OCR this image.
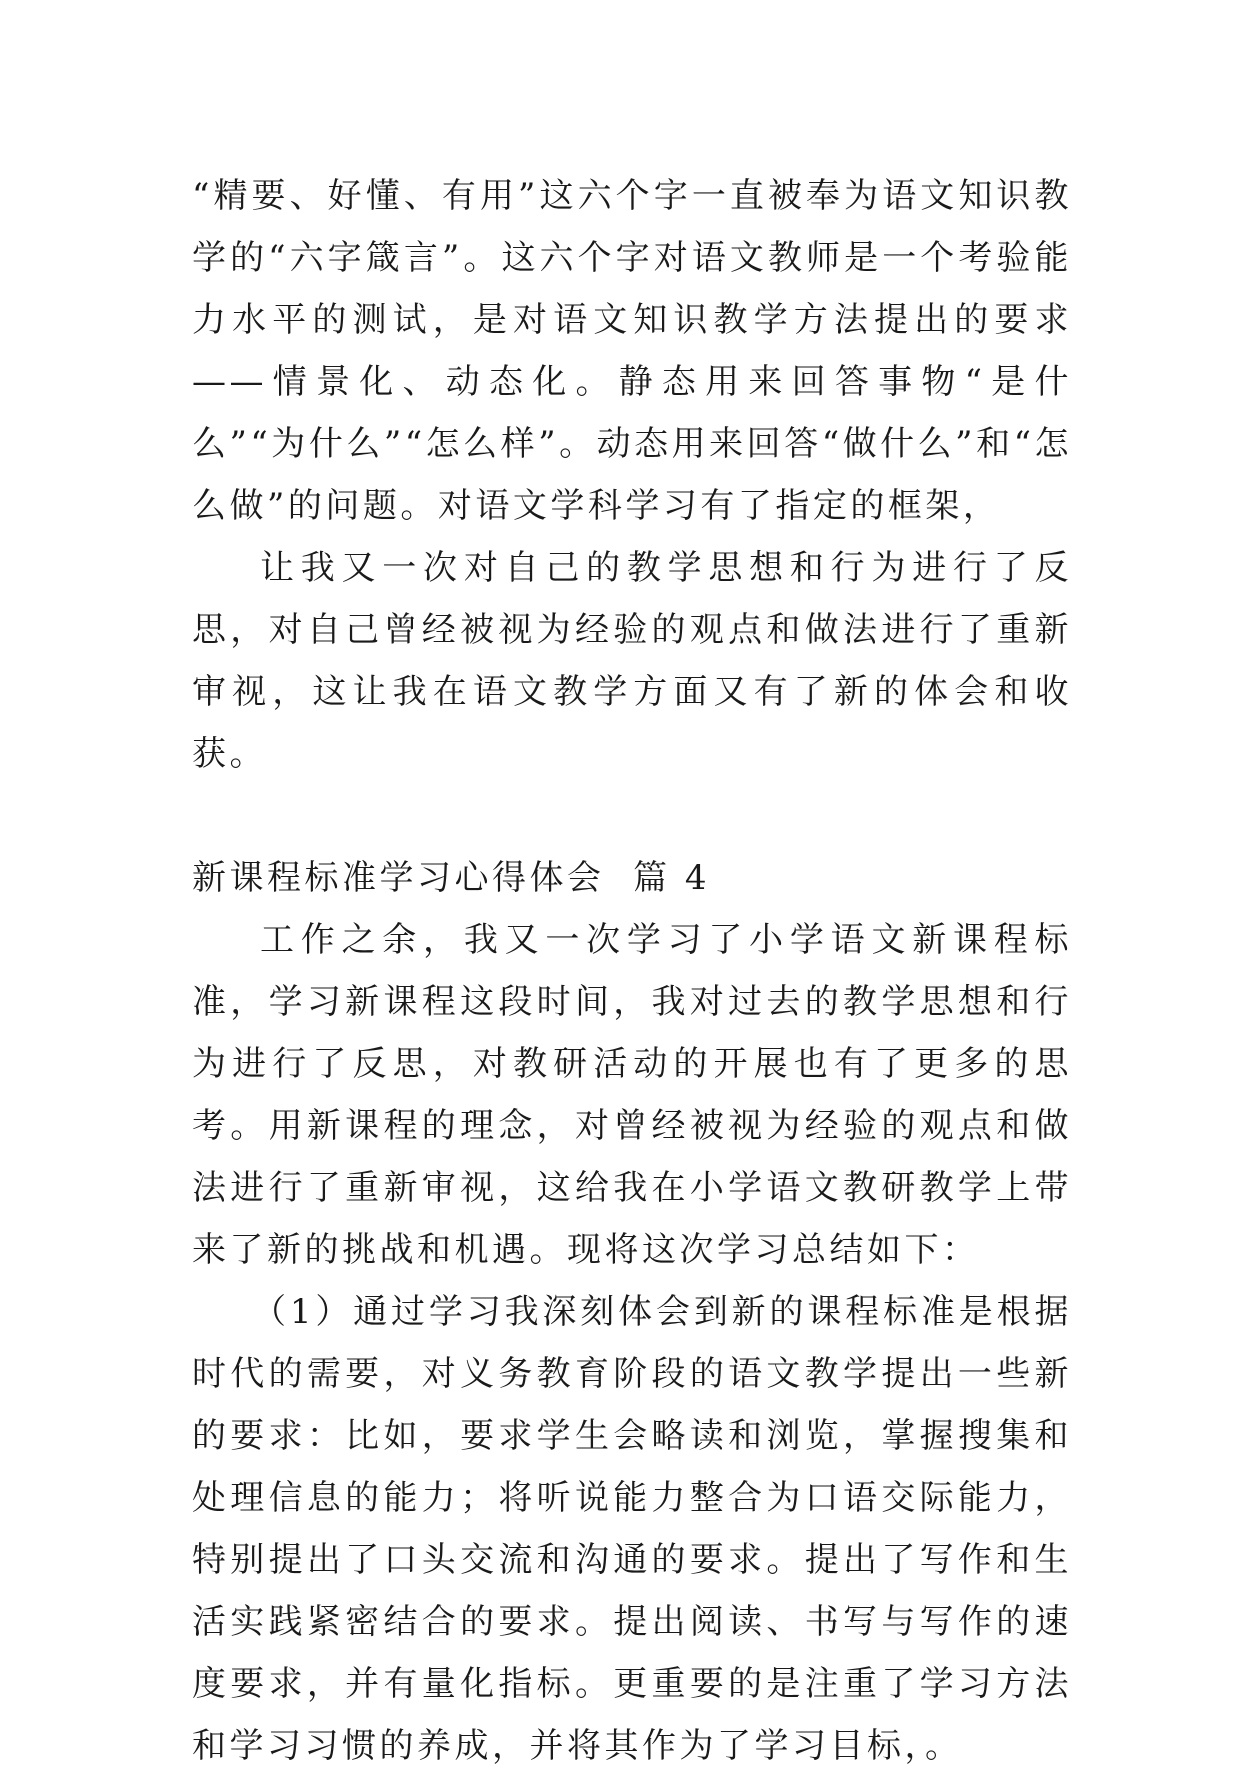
“精要、好懂、有用”这六个字一直被奉为语文知识教学的“六字箴言”。这六个字对语文教师是一个考验能力水平的测试，是对语文知识教学方法提出的要求——情景化、动态化。静态用来回答事物“是什么”“为什么”“怎么样”。动态用来回答“做什么”和“怎么做”的问题。对语文学科学习有了指定的框架，

让我又一次对自己的教学思想和行为进行了反思，对自己曾经被视为经验的观点和做法进行了重新审视，这让我在语文教学方面又有了新的体会和收获。

新课程标准学习心得体会  篇 4

工作之余，我又一次学习了小学语文新课程标准，学习新课程这段时间，我对过去的教学思想和行为进行了反思，对教研活动的开展也有了更多的思考。用新课程的理念，对曾经被视为经验的观点和做法进行了重新审视，这给我在小学语文教研教学上带来了新的挑战和机遇。现将这次学习总结如下：

（1）通过学习我深刻体会到新的课程标准是根据时代的需要，对义务教育阶段的语文教学提出一些新的要求：比如，要求学生会略读和浏览，掌握搜集和处理信息的能力；将听说能力整合为口语交际能力，特别提出了口头交流和沟通的要求。提出了写作和生活实践紧密结合的要求。提出阅读、书写与写作的速度要求，并有量化指标。更重要的是注重了学习方法和学习习惯的养成，并将其作为了学习目标，。
